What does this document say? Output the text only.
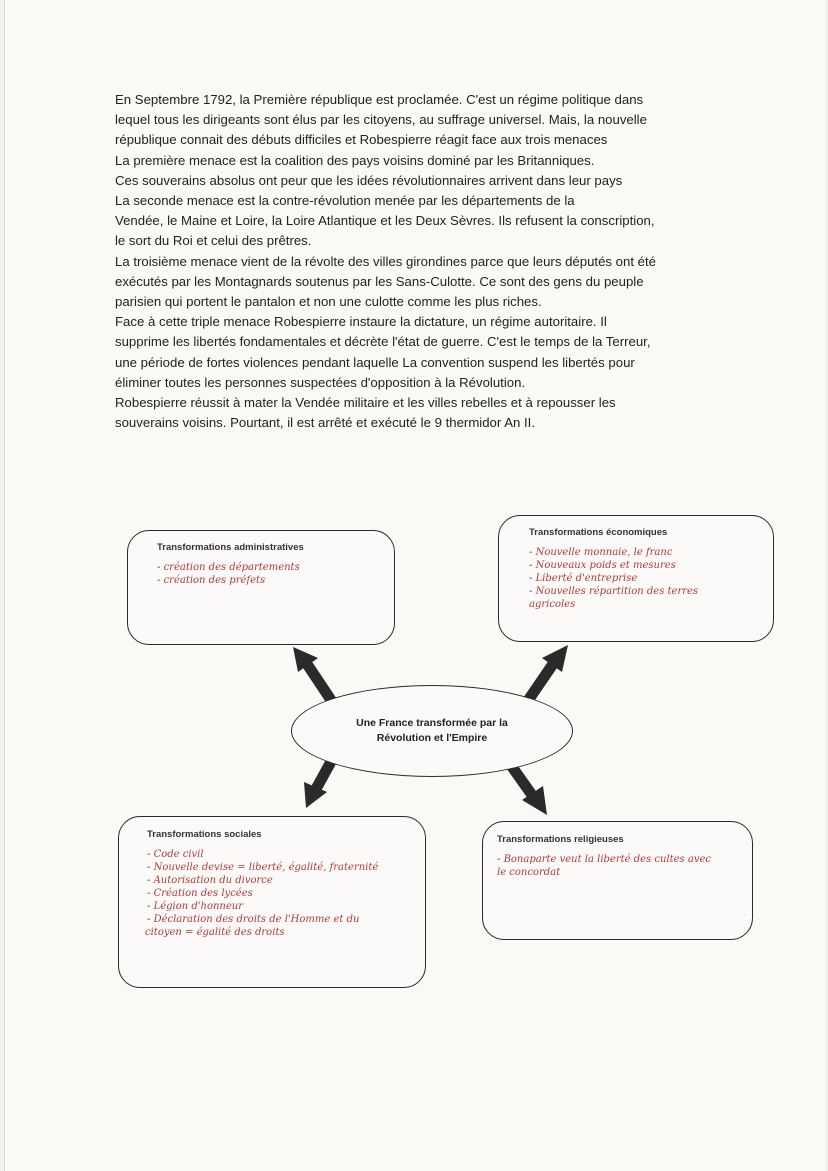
En Septembre 1792, la Première république est proclamée. C'est un régime politique dans

lequel tous les dirigeants sont élus par les citoyens, au suffrage universel. Mais, la nouvelle

république connait des débuts difficiles et Robespierre réagit face aux trois menaces

La première menace est la coalition des pays voisins dominé par les Britanniques.

Ces souverains absolus ont peur que les idées révolutionnaires arrivent dans leur pays

La seconde menace est la contre-révolution menée par les départements de la

Vendée, le Maine et Loire, la Loire Atlantique et les Deux Sèvres. Ils refusent la conscription,

le sort du Roi et celui des prêtres.

La troisième menace vient de la révolte des villes girondines parce que leurs députés ont été

exécutés par les Montagnards soutenus par les Sans-Culotte. Ce sont des gens du peuple

parisien qui portent le pantalon et non une culotte comme les plus riches.

Face à cette triple menace Robespierre instaure la dictature, un régime autoritaire. Il

supprime les libertés fondamentales et décrète l'état de guerre. C'est le temps de la Terreur,

une période de fortes violences pendant laquelle La convention suspend les libertés pour

éliminer toutes les personnes suspectées d'opposition à la Révolution.

Robespierre réussit à mater la Vendée militaire et les villes rebelles et à repousser les

souverains voisins. Pourtant, il est arrêté et exécuté le 9 thermidor An II.

Transformations administratives
- création des départements
- création des préfets
Transformations économiques
- Nouvelle monnaie, le franc
- Nouveaux poids et mesures
- Liberté d'entreprise
- Nouvelles répartition des terres
agricoles
Une France transformée par la
Révolution et l'Empire
Transformations sociales
- Code civil
- Nouvelle devise = liberté, égalité, fraternité
- Autorisation du divorce
- Création des lycées
- Légion d'honneur
- Déclaration des droits de l'Homme et du
citoyen = égalité des droits
Transformations religieuses
- Bonaparte veut la liberté des cultes avec
le concordat
